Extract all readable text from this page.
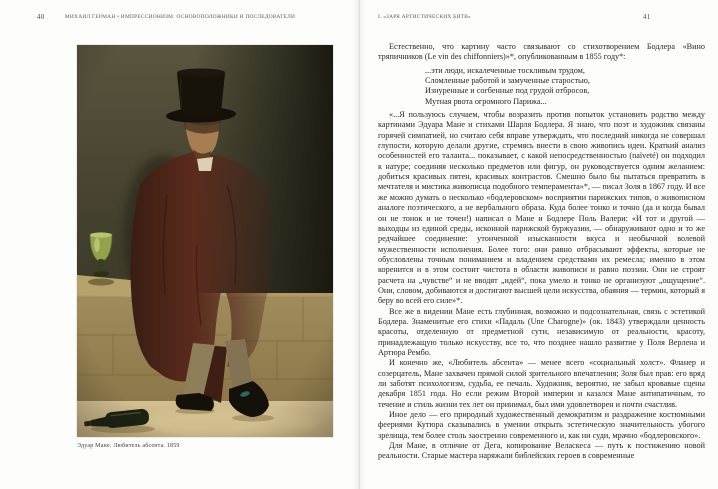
40	МИХАИЛ ГЕРМАН • ИМПРЕССИОНИЗМ. ОСНОВОПОЛОЖНИКИ И ПОСЛЕДОВАТЕЛИ
Эдуар Мане. Любитель абсента. 1859
I. «ЗАРЯ АРТИСТИЧЕСКИХ БИТВ»	41

Естественно, что картину часто связывают со стихотворением Бодлера «Вино тряпичников (Le vin des chiffonniers)»*, опубликованным в 1855 году*:

...эти люди, искалеченные тоскливым трудом,
Сломленные работой и замученные старостью,
Изнуренные и согбенные под грудой отбросов,
Мутная рвота огромного Парижа...

«...Я пользуюсь случаем, чтобы возразить против попыток установить родство между картинами Эдуара Мане и стихами Шарля Бодлера. Я знаю, что поэт и художник связаны горячей симпатией, но считаю себя вправе утверждать, что последний никогда не совершал глупости, которую делали другие, стремясь внести в свою живопись идеи. Краткий анализ особенностей его таланта... показывает, с какой непосредственностью (naïveté) он подходил к натуре; соединяя несколько предметов или фигур, он руководствуется одним желанием: добиться красивых пятен, красивых контрастов. Смешно было бы пытаться превратить в мечтателя и мистика живописца подобного темперамента»*, — писал Золя в 1867 году. И все же можно думать о несколько «бодлеровском» восприятии парижских типов, о живописном аналоге поэтического, а не вербального образа. Куда более тонко и точно (да и когда бывал он не тонок и не точен!) написал о Мане и Бодлере Поль Валери: «И тот и другой — выходцы из единой среды, исконной парижской буржуазии, — обнаруживают одно и то же редчайшее соединение: утонченной изысканности вкуса и необычной волевой мужественности исполнения. Более того: они равно отбрасывают эффекты, которые не обусловлены точным пониманием и владением средствами их ремесла; именно в этом коренится и в этом состоит чистота в области живописи и равно поэзии. Они не строят расчета на „чувстве“ и не вводят „идей“, пока умело и тонко не организуют „ощущение“. Они, словом, добиваются и достигают высшей цели искусства, обаяния — термин, который я беру во всей его силе»*.

Все же в видении Мане есть глубинная, возможно и подсознательная, связь с эстетикой Бодлера. Знаменитые его стихи «Падаль (Une Charogne)» (ок. 1843) утверждали ценность красоты, отделенную от предметной сути, независимую от реальности, красоту, принадлежащую только искусству, все то, что позднее нашло развитие у Поля Верлена и Артюра Рембо.

И конечно же, «Любитель абсента» — менее всего «социальный холст». Фланер и созерцатель, Мане захвачен прямой силой зрительного впечатления; Золя был прав: его вряд ли заботят психологизм, судьба, ее печаль. Художник, вероятно, не забыл кровавые сцены декабря 1851 года. Но если режим Второй империи и казался Мане антипатичным, то течение и стиль жизни тех лет он принимал, был ими удовлетворен и почти счастлив.

Иное дело — его природный художественный демократизм и раздражение костюмными феериями Кутюра сказывались в умении открыть эстетическую значительность убогого зрелища, тем более столь заостренно современного и, как ни суди, мрачно «бодлеровского».

Для Мане, в отличие от Дега, копирование Веласкеса — путь к постижению новой реальности. Старые мастера наряжали библейских героев в современные
